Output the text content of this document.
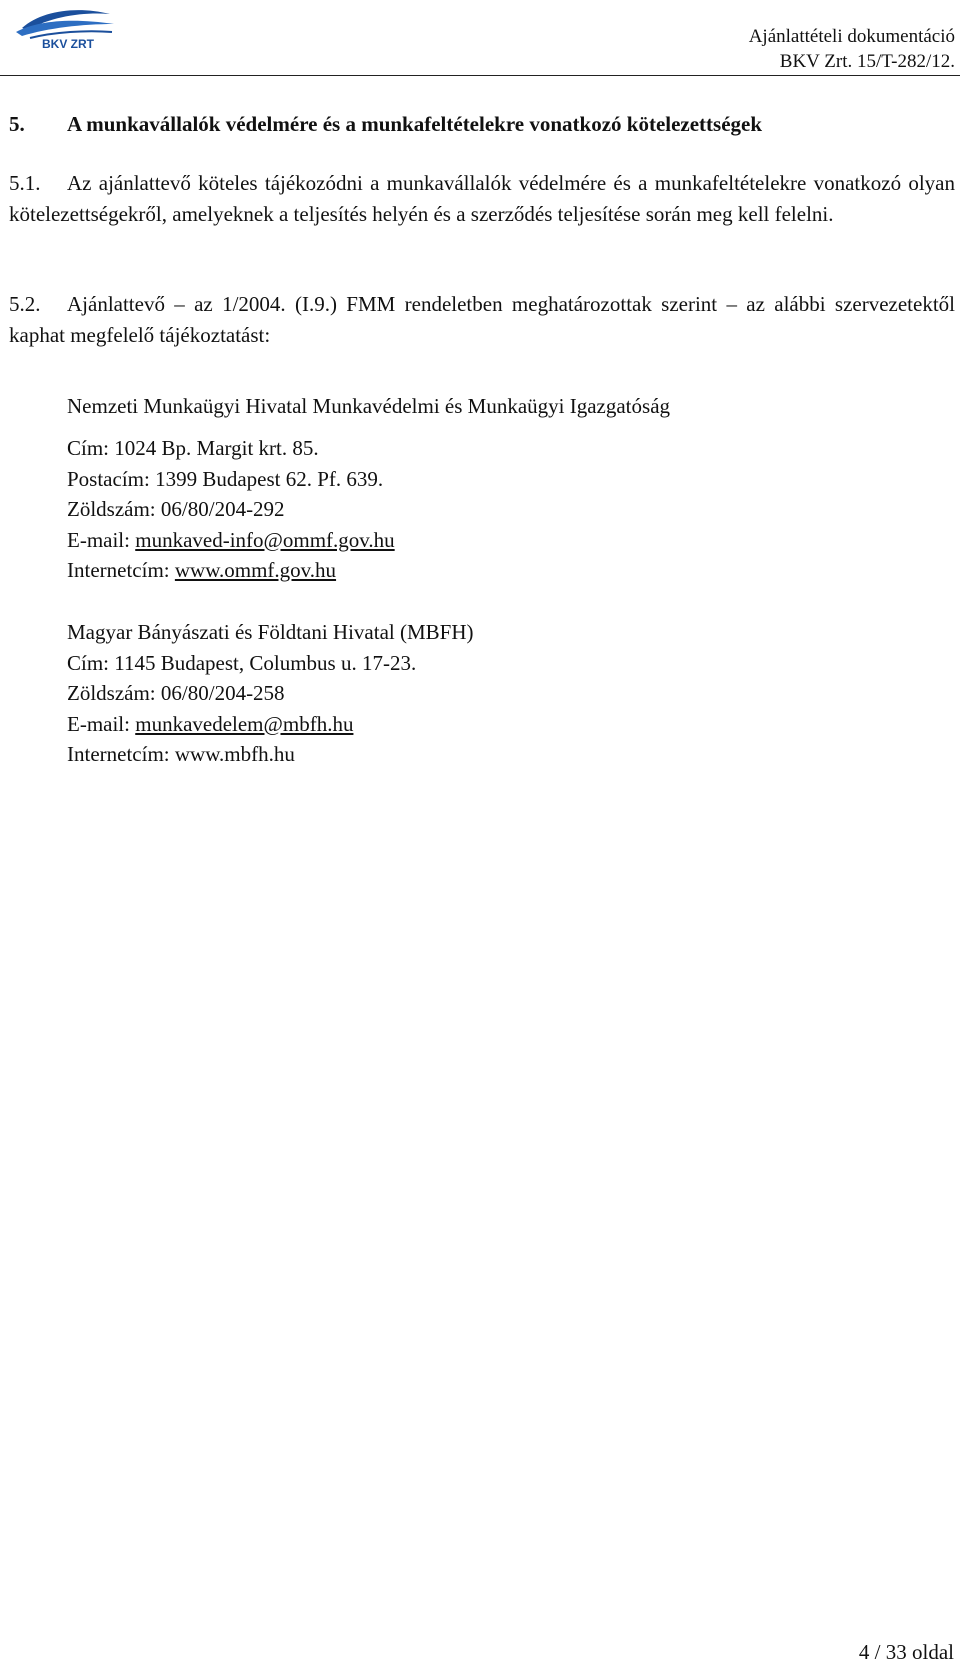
BKV ZRT	Ajánlattételi dokumentáció
BKV Zrt. 15/T-282/12.
5. A munkavállalók védelmére és a munkafeltételekre vonatkozó kötelezettségek

5.1. Az ajánlattevő köteles tájékozódni a munkavállalók védelmére és a munkafeltételekre vonatkozó olyan kötelezettségekről, amelyeknek a teljesítés helyén és a szerződés teljesítése során meg kell felelni.

5.2. Ajánlattevő – az 1/2004. (I.9.) FMM rendeletben meghatározottak szerint – az alábbi szervezetektől kaphat megfelelő tájékoztatást:

Nemzeti Munkaügyi Hivatal Munkavédelmi és Munkaügyi Igazgatóság
Cím: 1024 Bp. Margit krt. 85.
Postacím: 1399 Budapest 62. Pf. 639.
Zöldszám: 06/80/204-292
E-mail: munkaved-info@ommf.gov.hu
Internetcím: www.ommf.gov.hu
Magyar Bányászati és Földtani Hivatal (MBFH)
Cím: 1145 Budapest, Columbus u. 17-23.
Zöldszám: 06/80/204-258
E-mail: munkavedelem@mbfh.hu
Internetcím: www.mbfh.hu
4 / 33 oldal
